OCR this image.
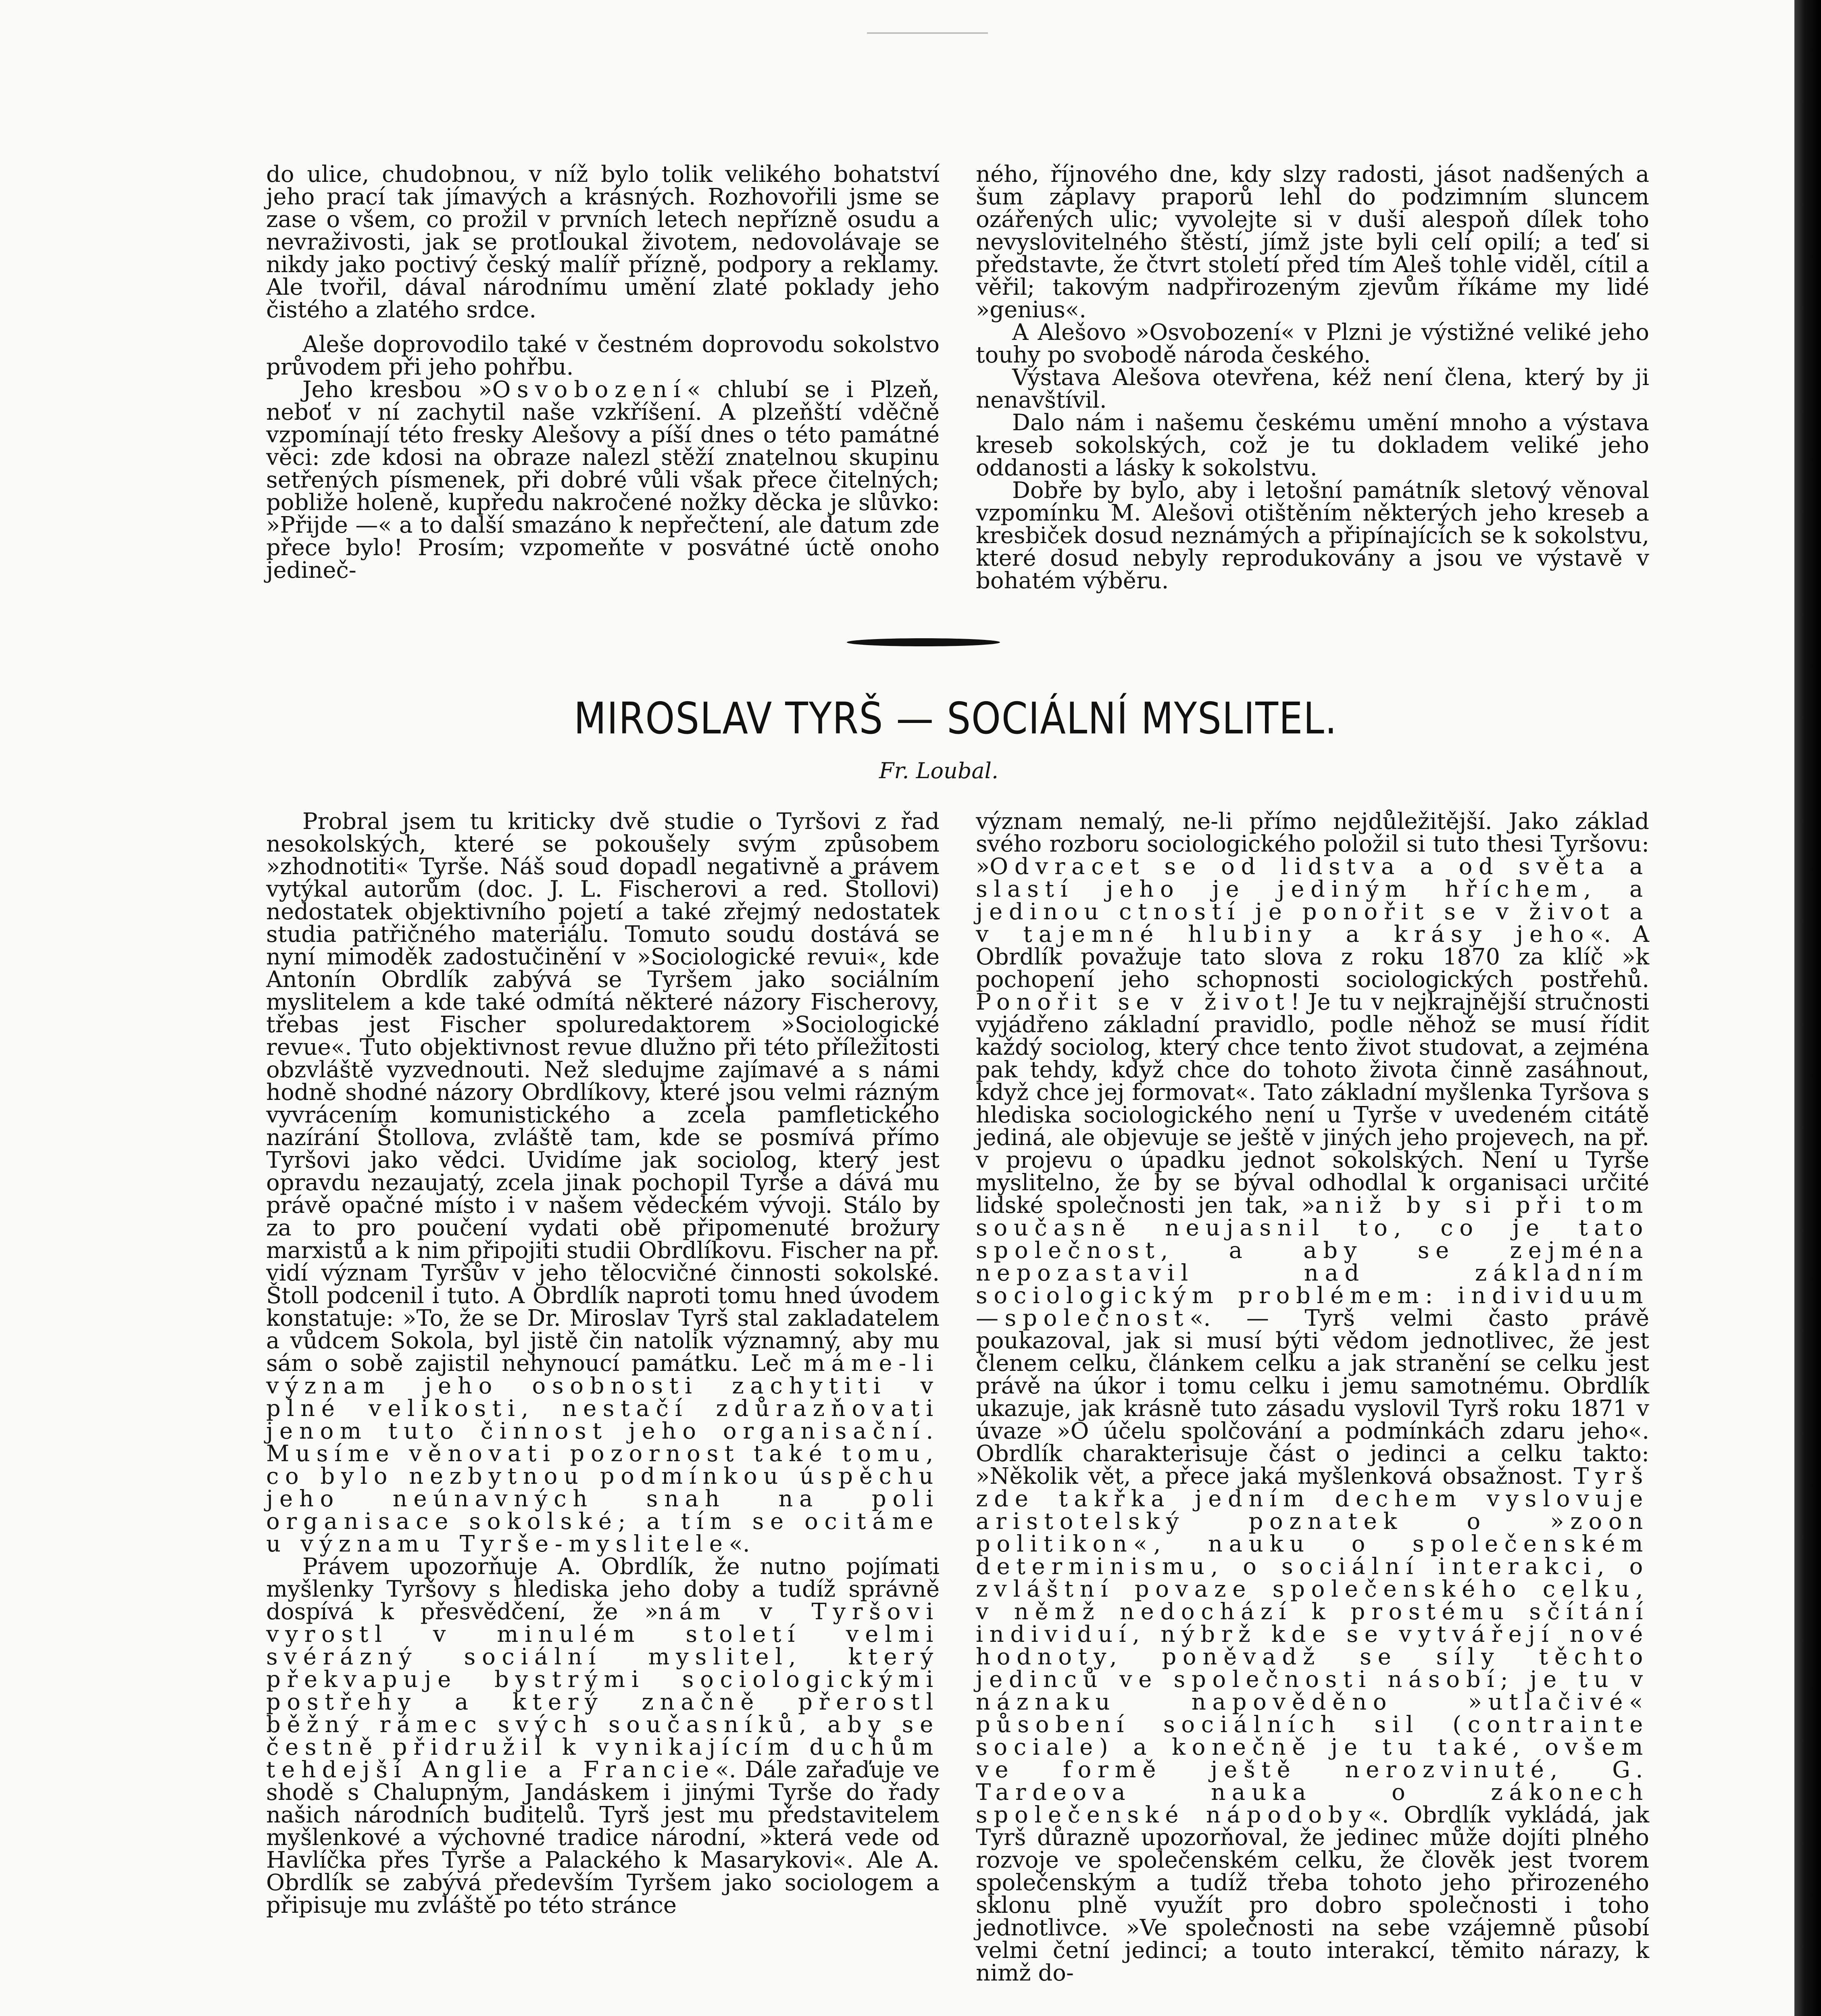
do ulice, chudobnou, v níž bylo tolik velikého bohatství jeho prací tak jímavých a krásných. Rozhovořili jsme se zase o všem, co prožil v prvních letech nepřízně osudu a nevraživosti, jak se protloukal životem, nedovolávaje se nikdy jako poctivý český malíř přízně, podpory a reklamy. Ale tvořil, dával národnímu umění zlaté poklady jeho čistého a zlatého srdce.

Aleše doprovodilo také v čestném doprovodu sokolstvo průvodem při jeho pohřbu.

Jeho kresbou »Osvobození« chlubí se i Plzeň, neboť v ní zachytil naše vzkříšení. A plzeňští vděčně vzpomínají této fresky Alešovy a píší dnes o této památné věci: zde kdosi na obraze nalezl stěží znatelnou skupinu setřených písmenek, při dobré vůli však přece čitelných; pobliže holeně, kupředu nakročené nožky děcka je slůvko: »Přijde —« a to další smazáno k nepřečtení, ale datum zde přece bylo! Prosím; vzpomeňte v posvátné úctě onoho jedineč-

ného, říjnového dne, kdy slzy radosti, jásot nadšených a šum záplavy praporů lehl do podzimním sluncem ozářených ulic; vyvolejte si v duši alespoň dílek toho nevyslovitelného štěstí, jímž jste byli celí opilí; a teď si představte, že čtvrt století před tím Aleš tohle viděl, cítil a věřil; takovým nadpřirozeným zjevům říkáme my lidé »genius«.

A Alešovo »Osvobození« v Plzni je výstižné veliké jeho touhy po svobodě národa českého.

Výstava Alešova otevřena, kéž není člena, který by ji nenavštívil.

Dalo nám i našemu českému umění mnoho a výstava kreseb sokolských, což je tu dokladem veliké jeho oddanosti a lásky k sokolstvu.

Dobře by bylo, aby i letošní památník sletový věnoval vzpomínku M. Alešovi otištěním některých jeho kreseb a kresbiček dosud neznámých a připínajících se k sokolstvu, které dosud nebyly reprodukovány a jsou ve výstavě v bohatém výběru.

MIROSLAV TYRŠ — SOCIÁLNÍ MYSLITEL.
Fr. Loubal.

Probral jsem tu kriticky dvě studie o Tyršovi z řad nesokolských, které se pokoušely svým způsobem »zhodnotiti« Tyrše. Náš soud dopadl negativně a právem vytýkal autorům (doc. J. L. Fischerovi a red. Štollovi) nedostatek objektivního pojetí a také zřejmý nedostatek studia patřičného materiálu. Tomuto soudu dostává se nyní mimoděk zadostučinění v »Sociologické revui«, kde Antonín Obrdlík zabývá se Tyršem jako sociálním myslitelem a kde také odmítá některé názory Fischerovy, třebas jest Fischer spoluredaktorem »Sociologické revue«. Tuto objektivnost revue dlužno při této příležitosti obzvláště vyzvednouti. Než sledujme zajímavé a s námi hodně shodné názory Obrdlíkovy, které jsou velmi rázným vyvrácením komunistického a zcela pamfletického nazírání Štollova, zvláště tam, kde se posmívá přímo Tyršovi jako vědci. Uvidíme jak sociolog, který jest opravdu nezaujatý, zcela jinak pochopil Tyrše a dává mu právě opačné místo i v našem vědeckém vývoji. Stálo by za to pro poučení vydati obě připomenuté brožury marxistů a k nim připojiti studii Obrdlíkovu. Fischer na př. vidí význam Tyršův v jeho tělocvičné činnosti sokolské. Štoll podcenil i tuto. A Obrdlík naproti tomu hned úvodem konstatuje: »To, že se Dr. Miroslav Tyrš stal zakladatelem a vůdcem Sokola, byl jistě čin natolik významný, aby mu sám o sobě zajistil nehynoucí památku. Leč máme-li význam jeho osobnosti zachytiti v plné velikosti, nestačí zdůrazňovati jenom tuto činnost jeho organisační. Musíme věnovati pozornost také tomu, co bylo nezbytnou podmínkou úspěchu jeho neúnavných snah na poli organisace sokolské; a tím se ocitáme u významu Tyrše-myslitele«.

Právem upozorňuje A. Obrdlík, že nutno pojímati myšlenky Tyršovy s hlediska jeho doby a tudíž správně dospívá k přesvědčení, že »nám v Tyršovi vyrostl v minulém století velmi svérázný sociální myslitel, který překvapuje bystrými sociologickými postřehy a který značně přerostl běžný rámec svých současníků, aby se čestně přidružil k vynikajícím duchům tehdejší Anglie a Francie«. Dále zařaďuje ve shodě s Chalupným, Jandáskem i jinými Tyrše do řady našich národních buditelů. Tyrš jest mu představitelem myšlenkové a výchovné tradice národní, »která vede od Havlíčka přes Tyrše a Palackého k Masarykovi«. Ale A. Obrdlík se zabývá především Tyršem jako sociologem a připisuje mu zvláště po této stránce

význam nemalý, ne-li přímo nejdůležitější. Jako základ svého rozboru sociologického položil si tuto thesi Tyršovu: »Odvracet se od lidstva a od světa a slastí jeho je jediným hříchem, a jedinou ctností je ponořit se v život a v tajemné hlubiny a krásy jeho«. A Obrdlík považuje tato slova z roku 1870 za klíč »k pochopení jeho schopnosti sociologických postřehů. Ponořit se v život! Je tu v nejkrajnější stručnosti vyjádřeno základní pravidlo, podle něhož se musí řídit každý sociolog, který chce tento život studovat, a zejména pak tehdy, když chce do tohoto života činně zasáhnout, když chce jej formovat«. Tato základní myšlenka Tyršova s hlediska sociologického není u Tyrše v uvedeném citátě jediná, ale objevuje se ještě v jiných jeho projevech, na př. v projevu o úpadku jednot sokolských. Není u Tyrše myslitelno, že by se býval odhodlal k organisaci určité lidské společnosti jen tak, »aniž by si při tom současně neujasnil to, co je tato společnost, a aby se zejména nepozastavil nad základním sociologickým problémem: individuum—společnost«. — Tyrš velmi často právě poukazoval, jak si musí býti vědom jednotlivec, že jest členem celku, článkem celku a jak stranění se celku jest právě na úkor i tomu celku i jemu samotnému. Obrdlík ukazuje, jak krásně tuto zásadu vyslovil Tyrš roku 1871 v úvaze »O účelu spolčování a podmínkách zdaru jeho«. Obrdlík charakterisuje část o jedinci a celku takto: »Několik vět, a přece jaká myšlenková obsažnost. Tyrš zde takřka jedním dechem vyslovuje aristotelský poznatek o »zoon politikon«, nauku o společenském determinismu, o sociální interakci, o zvláštní povaze společenského celku, v němž nedochází k prostému sčítání individuí, nýbrž kde se vytvářejí nové hodnoty, poněvadž se síly těchto jedinců ve společnosti násobí; je tu v náznaku napověděno »utlačivé« působení sociálních sil (contrainte sociale) a konečně je tu také, ovšem ve formě ještě nerozvinuté, G. Tardeova nauka o zákonech společenské nápodoby«. Obrdlík vykládá, jak Tyrš důrazně upozorňoval, že jedinec může dojíti plného rozvoje ve společenském celku, že člověk jest tvorem společenským a tudíž třeba tohoto jeho přirozeného sklonu plně využít pro dobro společnosti i toho jednotlivce. »Ve společnosti na sebe vzájemně působí velmi četní jedinci; a touto interakcí, těmito nárazy, k nimž do-
